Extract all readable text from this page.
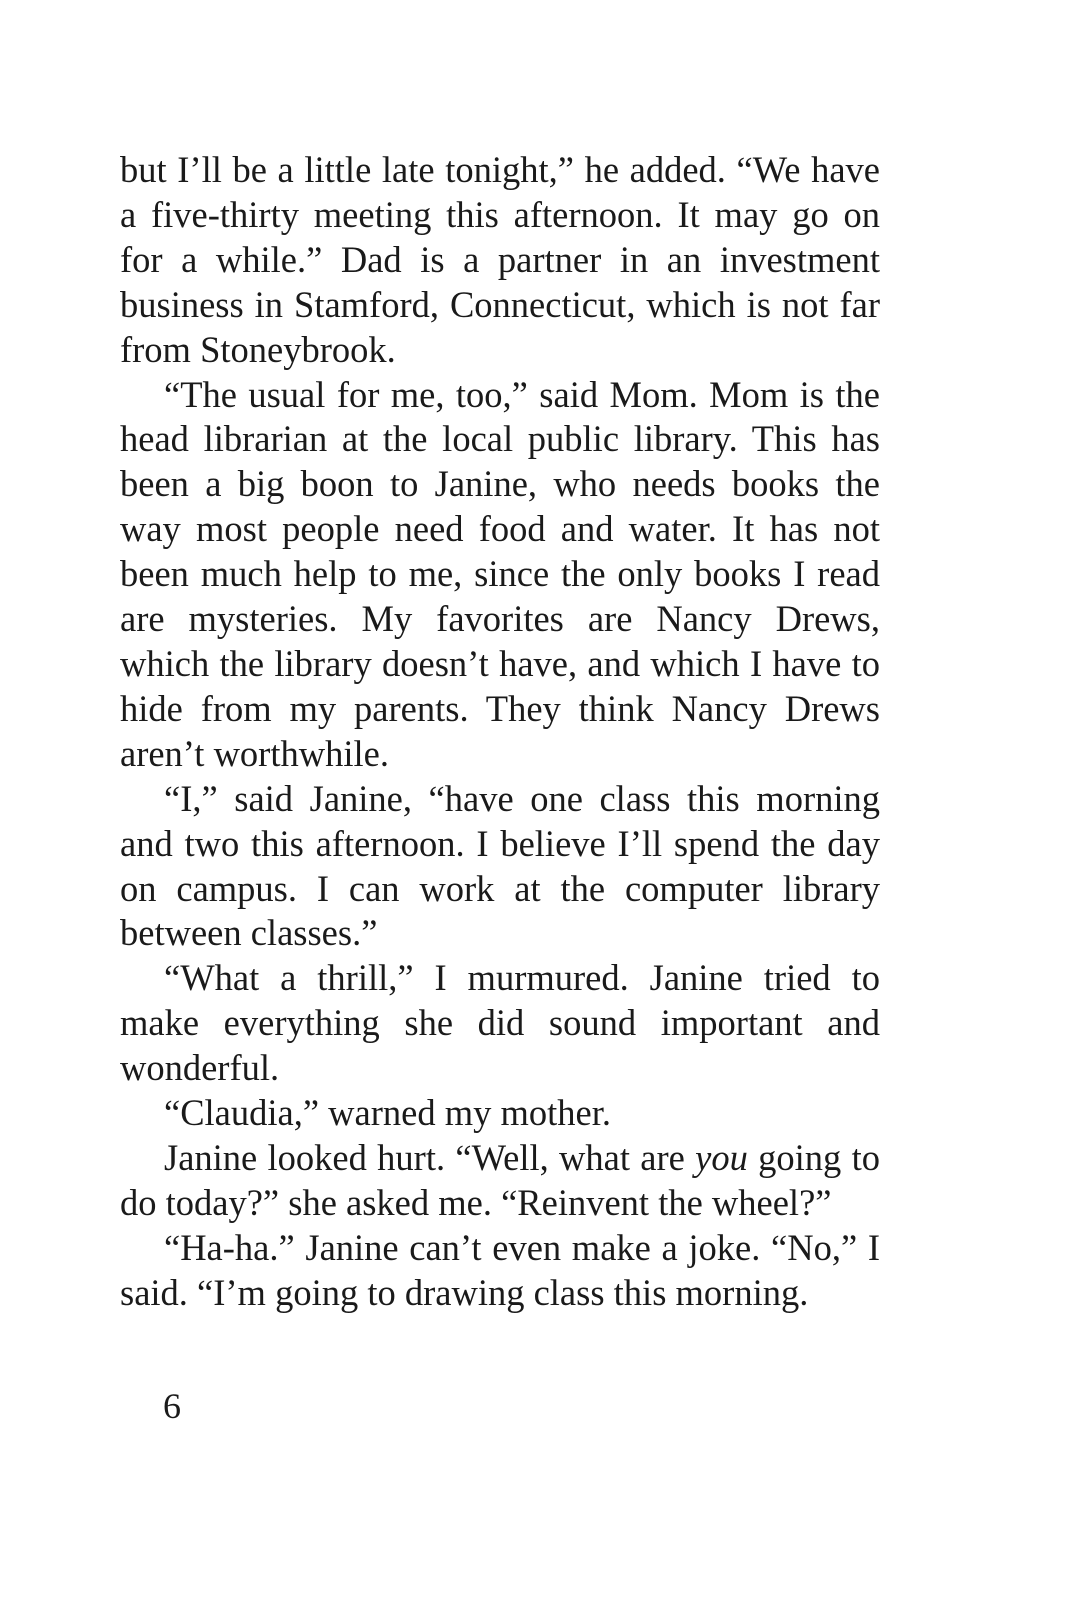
but I’ll be a little late tonight,” he added. “We have a five-thirty meeting this afternoon. It may go on for a while.” Dad is a partner in an investment business in Stamford, Connecticut, which is not far from Stoneybrook.

“The usual for me, too,” said Mom. Mom is the head librarian at the local public library. This has been a big boon to Janine, who needs books the way most people need food and water. It has not been much help to me, since the only books I read are mysteries. My favorites are Nancy Drews, which the library doesn’t have, and which I have to hide from my parents. They think Nancy Drews aren’t worthwhile.

“I,” said Janine, “have one class this morning and two this afternoon. I believe I’ll spend the day on campus. I can work at the computer library between classes.”

“What a thrill,” I murmured. Janine tried to make everything she did sound important and wonderful.

“Claudia,” warned my mother.

Janine looked hurt. “Well, what are you going to do today?” she asked me. “Reinvent the wheel?”

“Ha-ha.” Janine can’t even make a joke. “No,” I said. “I’m going to drawing class this morning.

6
